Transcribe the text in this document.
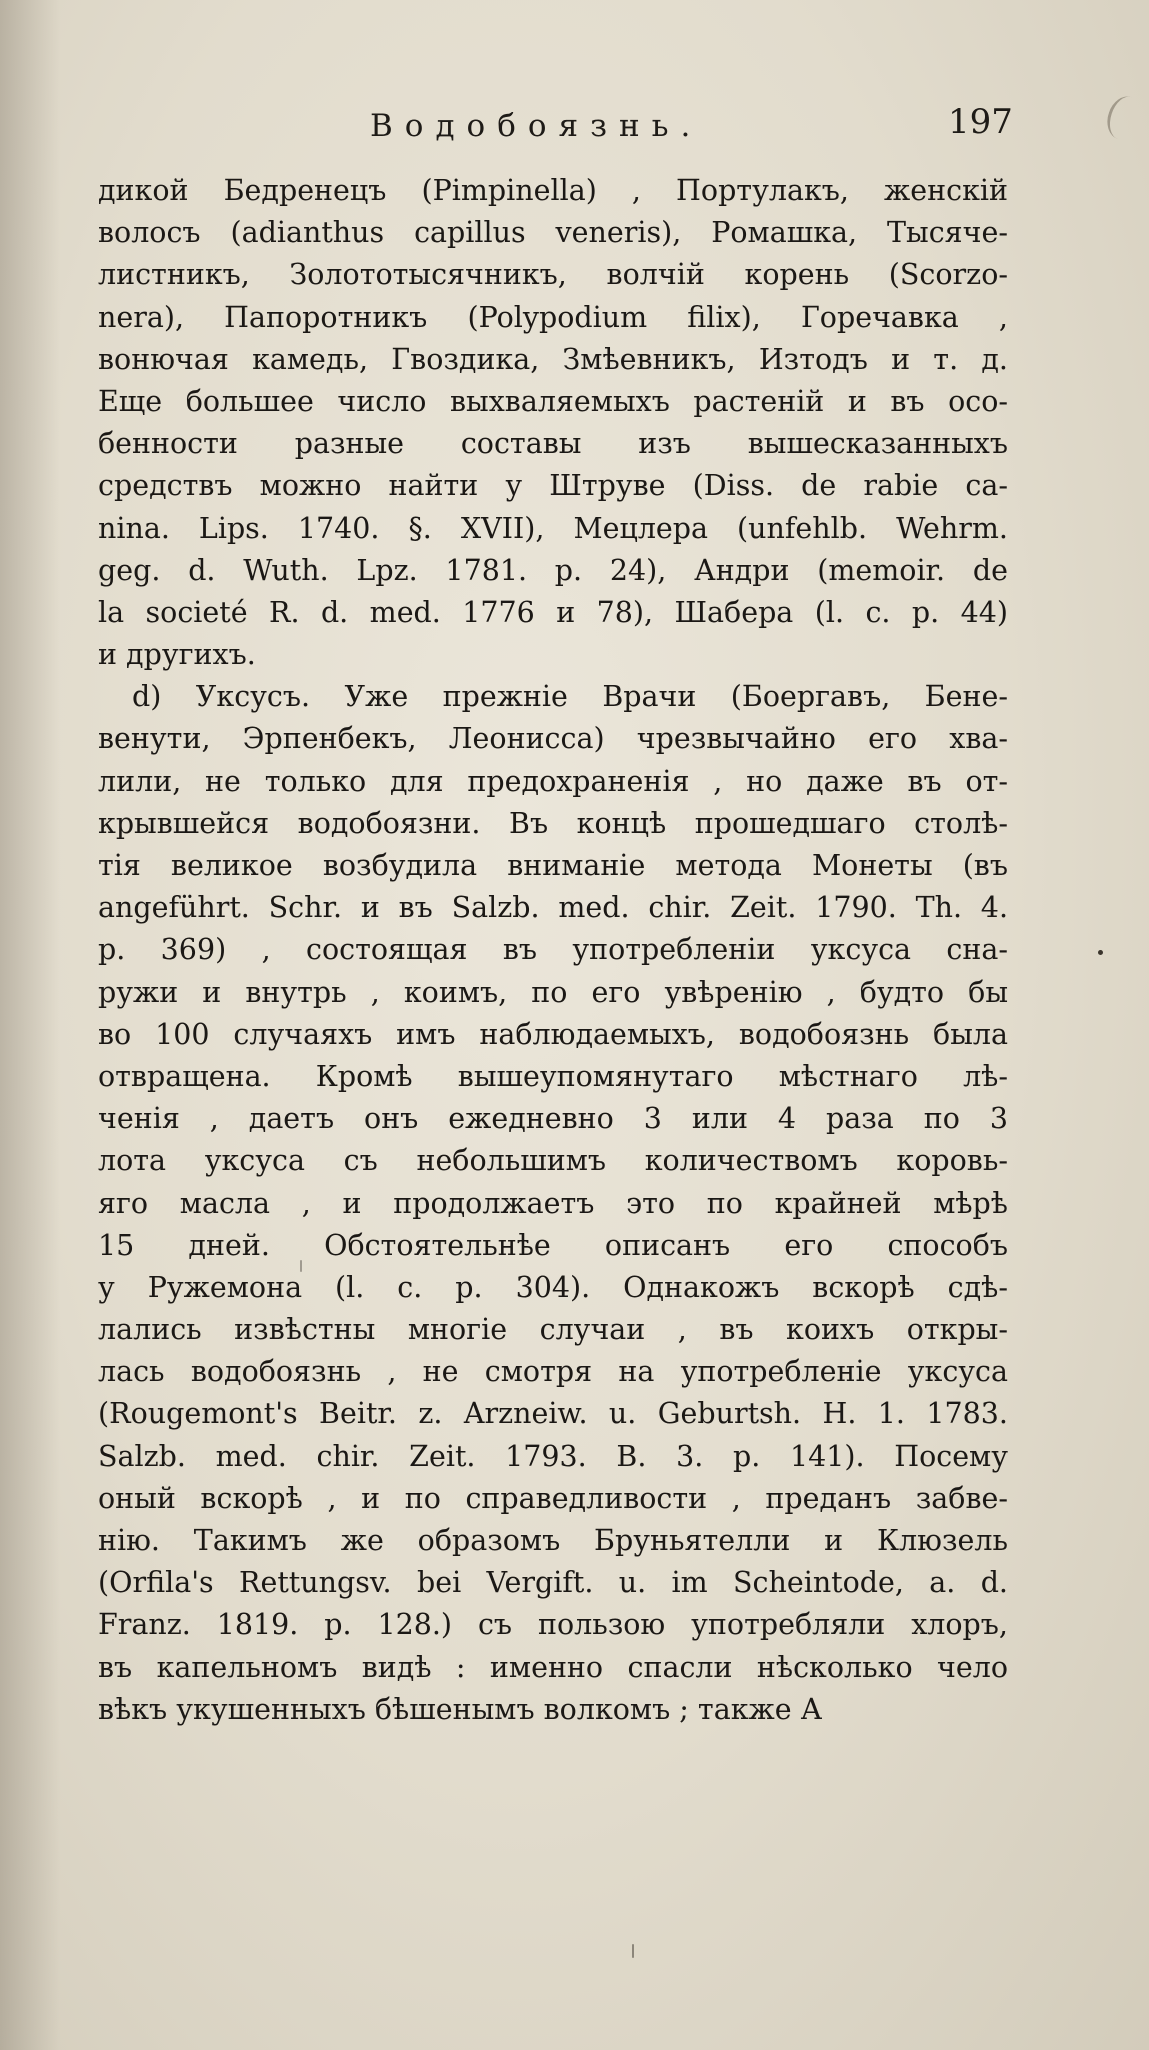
Водобоязнь.	197
дикой Бедренецъ (Pimpinella) , Портулакъ, женскій
волосъ (adianthus capillus veneris), Ромашка, Тысяче-
листникъ, Золототысячникъ, волчій корень (Scorzo-
nera), Папоротникъ (Polypodium filix), Горечавка ,
вонючая камедь, Гвоздика, Змѣевникъ, Изтодъ и т. д.
Еще большее число выхваляемыхъ растеній и въ осо-
бенности разные составы изъ вышесказанныхъ
средствъ можно найти у Штруве (Diss. de rabie ca-
nina. Lips. 1740. §. XVII), Мецлера (unfehlb. Wehrm.
geg. d. Wuth. Lpz. 1781. p. 24), Андри (memoir. de
la societé R. d. med. 1776 и 78), Шабера (l. c. p. 44)
и другихъ.
d) Уксусъ. Уже прежніе Врачи (Боергавъ, Бене-
венути, Эрпенбекъ, Леонисса) чрезвычайно его хва-
лили, не только для предохраненія , но даже въ от-
крывшейся водобоязни. Въ концѣ прошедшаго столѣ-
тія великое возбудила вниманіе метода Монеты (въ
angeführt. Schr. и въ Salzb. med. chir. Zeit. 1790. Th. 4.
p. 369) , состоящая въ употребленіи уксуса сна-
ружи и внутрь , коимъ, по его увѣренію , будто бы
во 100 случаяхъ имъ наблюдаемыхъ, водобоязнь была
отвращена. Кромѣ вышеупомянутаго мѣстнаго лѣ-
ченія , даетъ онъ ежедневно 3 или 4 раза по 3
лота уксуса съ небольшимъ количествомъ коровь-
яго масла , и продолжаетъ это по крайней мѣрѣ
15 дней. Обстоятельнѣе описанъ его способъ
у Ружемона (l. c. p. 304). Однакожъ вскорѣ сдѣ-
лались извѣстны многіе случаи , въ коихъ откры-
лась водобоязнь , не смотря на употребленіе уксуса
(Rougemont's Beitr. z. Arzneiw. u. Geburtsh. H. 1. 1783.
Salzb. med. chir. Zeit. 1793. B. 3. p. 141). Посему
оный вскорѣ , и по справедливости , преданъ забве-
нію. Такимъ же образомъ Бруньятелли и Клюзель
(Orfila's Rettungsv. bei Vergift. u. im Scheintode, a. d.
Franz. 1819. p. 128.) съ пользою употребляли хлоръ,
въ капельномъ видѣ : именно спасли нѣсколько чело
вѣкъ укушенныхъ бѣшенымъ волкомъ ; также А
